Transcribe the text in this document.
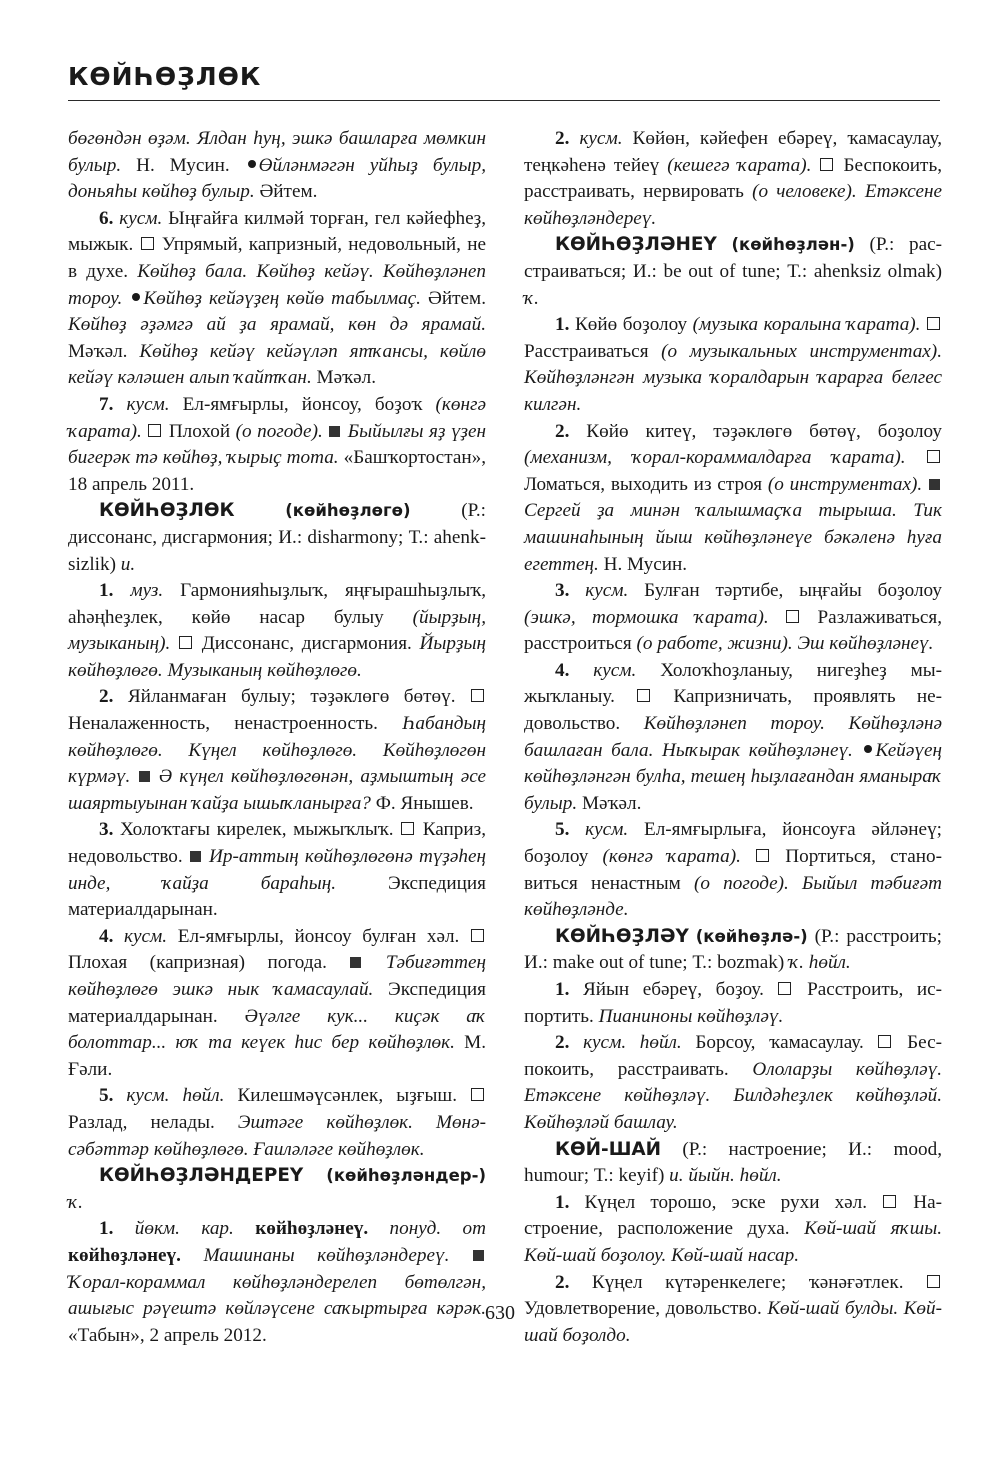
КӨЙҺӨҘЛӨК

бөгөндән өҙәм. Ялдан һуң, эшкә башларға мөмкин булыр. Н. Мусин. Өйләнмәгән уйһыҙ булыр, доньяһы көйһөҙ булыр. Әйтем.

6. кусм. Ыңғайға килмәй торған, гел кәйефһеҙ, мыжык. Упрямый, капризный, недовольный, не в духе. Көйһөҙ бала. Көйһөҙ кейәү. Көйһөҙләнеп тороу. Көйһөҙ кейәүҙең көйө табылмаҫ. Әйтем. Көйһөҙ әҙәмгә ай ҙа ярамай, көн дә ярамай. Мәҡәл. Көйһөҙ кейәү кейәүләп ятҡансы, көйлө кейәү кәләшен алып ҡайтҡан. Мәҡәл.

7. кусм. Ел-ямғырлы, йонсоу, боҙоҡ (көнгә ҡарата). Плохой (о погоде). Быйылғы яҙ үҙен бигерәк тә көйһөҙ, ҡырыҫ тота. «Башҡортостан», 18 апрель 2011.

КӨЙҺӨҘЛӨК	(көйһөҙлөгө)	(Р.: диссонанс, дисгармония; И.: disharmony; Т.: ahenksizlik) и.

1. муз. Гармонияһыҙлыҡ, яңғырашһыҙлыҡ, аһәңһеҙлек, көйө насар булыу (йырҙың, музыканың). Диссонанс, дисгармония. Йырҙың көйһөҙлөгө. Музыканың көйһөҙлөгө.

2. Яйланмаған булыу; тәҙәклөгө бөтөү.  Неналаженность, ненастроенность. Һабандың көйһөҙлөгө. Күңел көйһөҙлөгө. Көйһөҙлөгөн күрмәү. Ә күңел көйһөҙлөгөнән, аҙмыштың әсе шаяртыуынан ҡайҙа ышыҡланырға? Ф. Янышев.

3. Холоҡтағы кирелек, мыжыҡлыҡ. Каприз, недовольство. Ир-аттың көйһөҙлөгөнә түҙәһең инде, ҡайҙа бараһың.	Экспедиция материалдарынан.

4. кусм. Ел-ямғырлы, йонсоу булған хәл.  Плохая (капризная) погода.	Тәбиғәттең көйһөҙлөгө эшкә нык ҡамасаулай. Экспедиция материалдарынан. Әүәлге кук... киҫәк аҡ болоттар... юҡ та кеүек һис бер көйһөҙлөк. М. Ғәли.

5. кусм. һөйл. Килешмәүсәнлек, ыҙғыш.  Разлад, нелады. Эштәге көйһөҙлөк. Мөнәсәбәттәр көйһөҙлөгө. Ғаиләләге көйһөҙлөк.

КӨЙҺӨҘЛӘНДЕРЕҮ (көйһөҙләндер-) ҡ.

1. йөкм. кар. көйһөҙләнеү. понуд. от көйһөҙләнеү. Машинаны көйһөҙләндереү.  Ҡорал-кораммал көйһөҙләндерелеп бөтөлгән, ашығыс рәүештә көйләүсене саҡыртырға кәрәк. «Табын», 2 апрель 2012.

2. кусм. Көйөн, кәйефен ебәреү, ҡамасаулау, теңкәһенә тейеү (кешегә ҡарата). Беспокоить, расстраивать, нервировать (о человеке). Етәксене көйһөҙләндереү.

КӨЙҺӨҘЛӘНЕҮ (көйһөҙлән-) (Р.: расстраиваться; И.: be out of tune; Т.: ahenksiz olmak) ҡ.

1. Көйө боҙолоу (музыка коралына ҡарата).  Расстраиваться (о музыкальных инструментах). Көйһөҙләнгән музыка ҡоралдарын ҡарарға белгес килгән.

2. Көйө китеү, тәҙәклөгө бөтөү, боҙолоу (механизм, ҡорал-кораммалдарға ҡарата).  Ломаться, выходить из строя (о инструментах).  Сергей ҙа минән ҡалышмаҫҡа тырыша. Тик машинаһының йыш көйһөҙләнеүе бәкәленә һуға егеттең. Н. Мусин.

3. кусм. Булған тәртибе, ыңғайы боҙолоу (эшкә, тормошка ҡарата).	Разлаживаться, расстроиться (о работе, жизни). Эш көйһөҙләнеү.

4. кусм. Холоҡһоҙланыу, нигеҙһеҙ мыжыҡланыу.	Капризничать, проявлять недовольство. Көйһөҙләнеп тороу. Көйһөҙләнә башлаған бала. Ныҡырак көйһөҙләнеү. Кейәүең көйһөҙләнгән булһа, тешең һыҙлағандан яманыраҡ булыр. Мәҡәл.

5. кусм. Ел-ямғырлыға, йонсоуға әйләнеү; боҙолоу (көнгә ҡарата). Портиться, становиться ненастным (о погоде). Быйыл тәбиғәт көйһөҙләнде.

КӨЙҺӨҘЛӘҮ (көйһөҙлә-) (Р.: расстроить; И.: make out of tune; Т.: bozmak) ҡ. һөйл.

1. Яйын ебәреү, боҙоу. Расстроить, испортить. Пианиноны көйһөҙләү.

2. кусм. һөйл. Борсоу, ҡамасаулау. Беспокоить, расстраивать. Ололарҙы көйһөҙләү. Етәксене көйһөҙләү. Билдәһеҙлек көйһөҙләй. Көйһөҙләй башлау.

КӨЙ-ШАЙ (Р.: настроение; И.: mood, humour; Т.: keyif) и. йыйн. һөйл.

1. Күңел торошо, эске рухи хәл. Настроение, расположение духа. Көй-шай яҡшы. Көй-шай боҙолоу. Көй-шай насар.

2. Күңел күтәренкелеге; ҡәнәғәтлек.  Удовлетворение, довольство. Көй-шай булды. Көй-шай боҙолдо.

630
